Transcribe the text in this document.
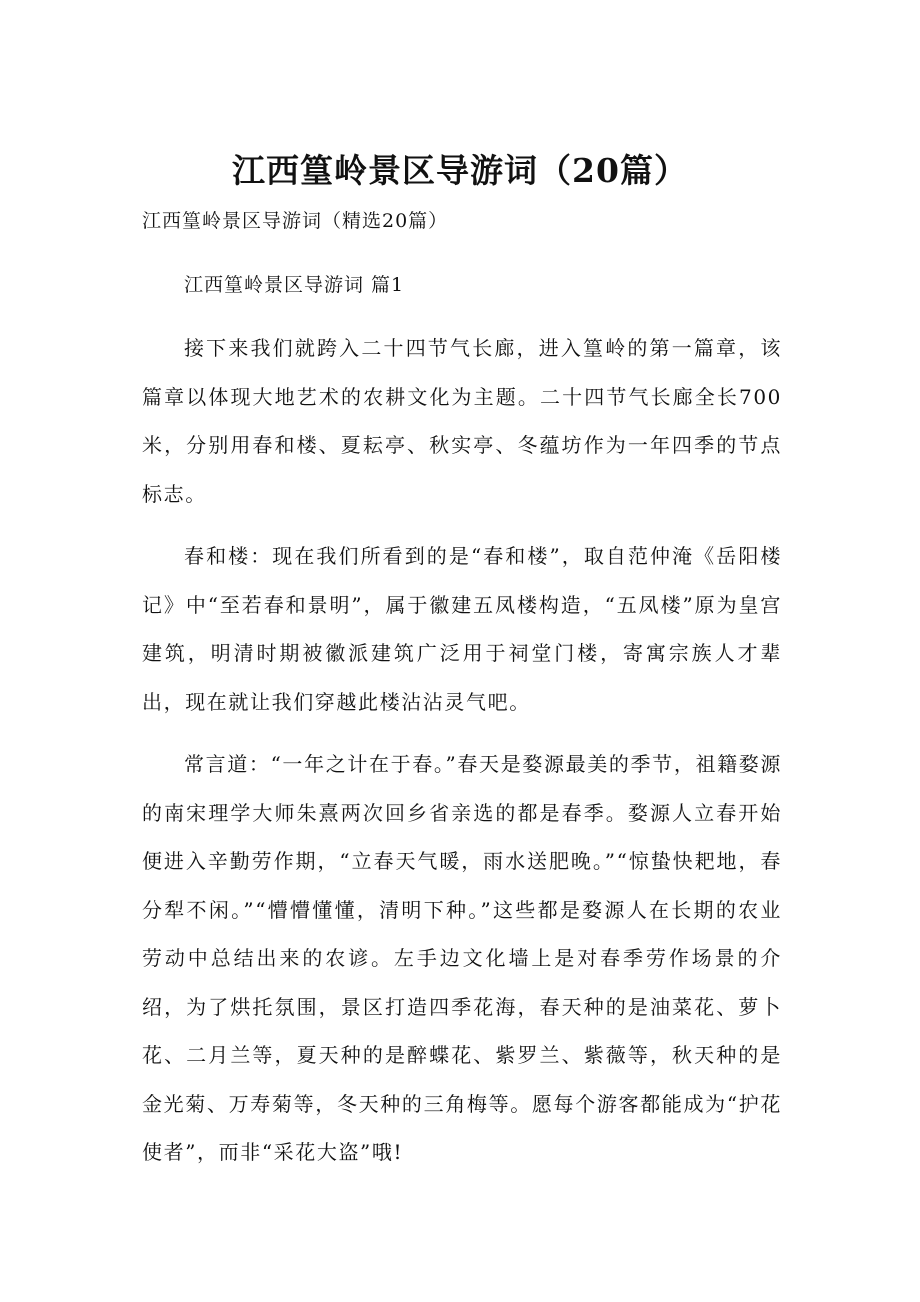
江西篁岭景区导游词（20篇）

江西篁岭景区导游词（精选20篇）

江西篁岭景区导游词 篇1

接下来我们就跨入二十四节气长廊，进入篁岭的第一篇章，该篇章以体现大地艺术的农耕文化为主题。二十四节气长廊全长700米，分别用春和楼、夏耘亭、秋实亭、冬蕴坊作为一年四季的节点标志。

春和楼：现在我们所看到的是“春和楼”，取自范仲淹《岳阳楼记》中“至若春和景明”，属于徽建五凤楼构造，“五凤楼”原为皇宫建筑，明清时期被徽派建筑广泛用于祠堂门楼，寄寓宗族人才辈出，现在就让我们穿越此楼沾沾灵气吧。

常言道：“一年之计在于春。”春天是婺源最美的季节，祖籍婺源的南宋理学大师朱熹两次回乡省亲选的都是春季。婺源人立春开始便进入辛勤劳作期，“立春天气暖，雨水送肥晚。”“惊蛰快耙地，春分犁不闲。”“懵懵懂懂，清明下种。”这些都是婺源人在长期的农业劳动中总结出来的农谚。左手边文化墙上是对春季劳作场景的介绍，为了烘托氛围，景区打造四季花海，春天种的是油菜花、萝卜花、二月兰等，夏天种的是醉蝶花、紫罗兰、紫薇等，秋天种的是金光菊、万寿菊等，冬天种的三角梅等。愿每个游客都能成为“护花使者”，而非“采花大盗”哦!
